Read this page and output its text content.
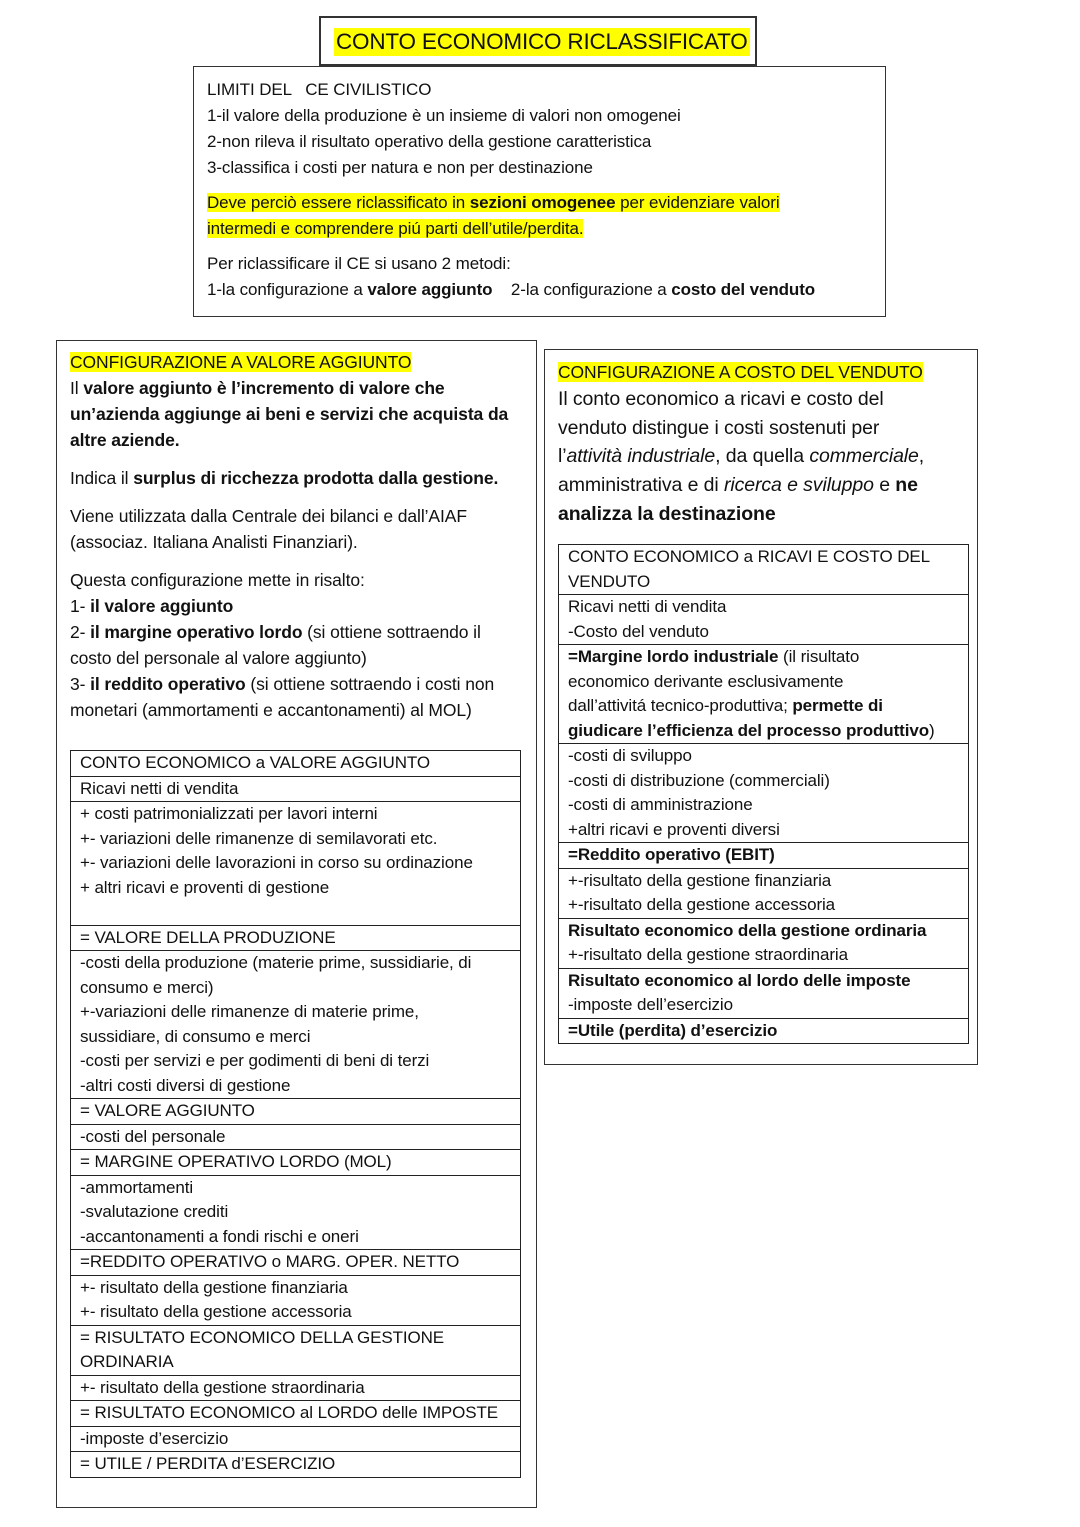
CONTO ECONOMICO RICLASSIFICATO

LIMITI DEL   CE CIVILISTICO

1-il valore della produzione è un insieme di valori non omogenei

2-non rileva il risultato operativo della gestione caratteristica

3-classifica i costi per natura e non per destinazione

Deve perciò essere riclassificato in sezioni omogenee per evidenziare valori

intermedi e comprendere piú parti dell’utile/perdita.

Per riclassificare il CE si usano 2 metodi:

1-la configurazione a valore aggiunto    2-la configurazione a costo del venduto

CONFIGURAZIONE A VALORE AGGIUNTO

Il valore aggiunto è l’incremento di valore che

un’azienda aggiunge ai beni e servizi che acquista da

altre aziende.

Indica il surplus di ricchezza prodotta dalla gestione.

Viene utilizzata dalla Centrale dei bilanci e dall’AIAF

(associaz. Italiana Analisti Finanziari).

Questa configurazione mette in risalto:

1- il valore aggiunto

2- il margine operativo lordo (si ottiene sottraendo il

costo del personale al valore aggiunto)

3- il reddito operativo (si ottiene sottraendo i costi non

monetari (ammortamenti e accantonamenti) al MOL)

CONTO ECONOMICO a VALORE AGGIUNTO

Ricavi netti di vendita

+ costi patrimonializzati per lavori interni
+- variazioni delle rimanenze di semilavorati etc.
+- variazioni delle lavorazioni in corso su ordinazione
+ altri ricavi e proventi di gestione

= VALORE DELLA PRODUZIONE

-costi della produzione (materie prime, sussidiarie, di
consumo e merci)
+-variazioni delle rimanenze di materie prime,
sussidiare, di consumo e merci
-costi per servizi e per godimenti di beni di terzi
-altri costi diversi di gestione

= VALORE AGGIUNTO

-costi del personale

= MARGINE OPERATIVO LORDO (MOL)

-ammortamenti
-svalutazione crediti
-accantonamenti a fondi rischi e oneri

=REDDITO OPERATIVO o MARG. OPER. NETTO

+- risultato della gestione finanziaria
+- risultato della gestione accessoria

= RISULTATO ECONOMICO DELLA GESTIONE
ORDINARIA

+- risultato della gestione straordinaria

= RISULTATO ECONOMICO al LORDO delle IMPOSTE

-imposte d’esercizio

= UTILE / PERDITA d’ESERCIZIO

CONFIGURAZIONE A COSTO DEL VENDUTO

Il conto economico a ricavi e costo del

venduto distingue i costi sostenuti per

l’attività industriale, da quella commerciale,

amministrativa e di ricerca e sviluppo e ne

analizza la destinazione

CONTO ECONOMICO a RICAVI E COSTO DEL
VENDUTO

Ricavi netti di vendita
-Costo del venduto

=Margine lordo industriale (il risultato
economico derivante esclusivamente
dall’attivitá tecnico-produttiva; permette di
giudicare l’efficienza del processo produttivo)

-costi di sviluppo
-costi di distribuzione (commerciali)
-costi di amministrazione
+altri ricavi e proventi diversi

=Reddito operativo (EBIT)

+-risultato della gestione finanziaria
+-risultato della gestione accessoria

Risultato economico della gestione ordinaria
+-risultato della gestione straordinaria

Risultato economico al lordo delle imposte
-imposte dell’esercizio

=Utile (perdita) d’esercizio
